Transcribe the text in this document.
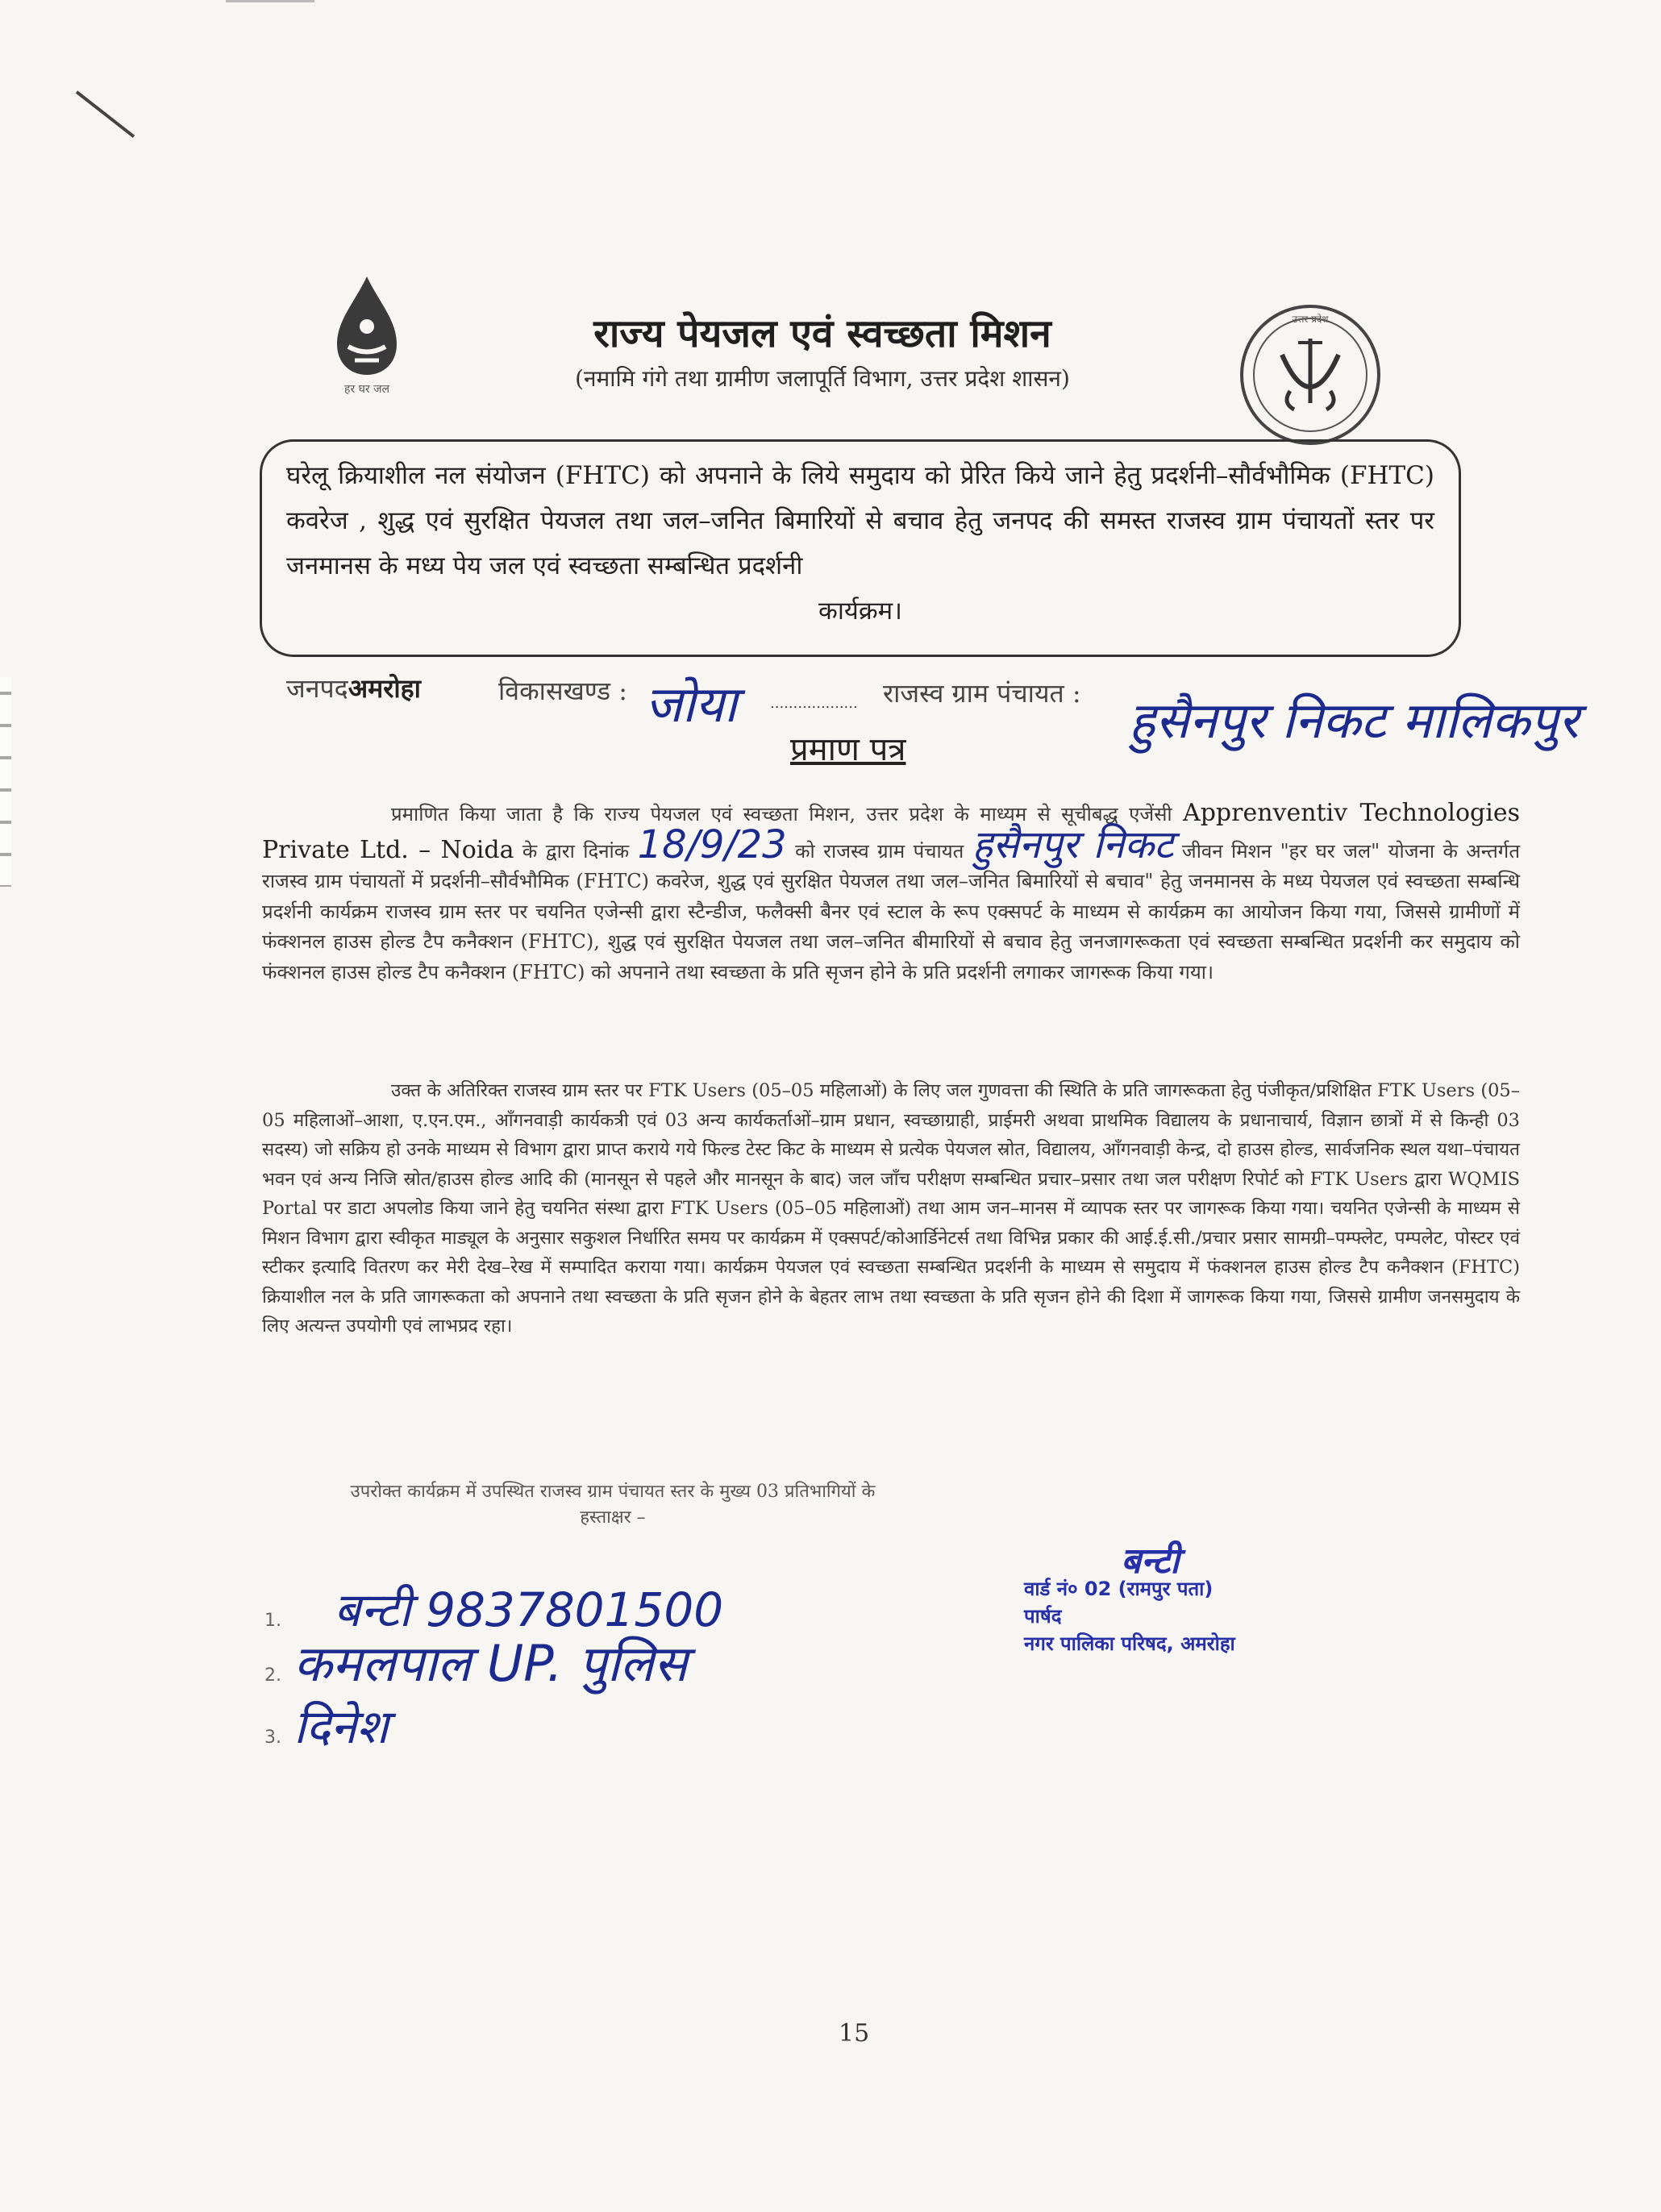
हर घर जल
राज्य पेयजल एवं स्वच्छता मिशन
(नमामि गंगे तथा ग्रामीण जलापूर्ति विभाग, उत्तर प्रदेश शासन)
उत्तर प्रदेश
घरेलू क्रियाशील नल संयोजन (FHTC) को अपनाने के लिये समुदाय को प्रेरित किये जाने हेतु प्रदर्शनी–सौर्वभौमिक (FHTC) कवरेज , शुद्ध एवं सुरक्षित पेयजल तथा जल–जनित बिमारियों से बचाव हेतु जनपद की समस्त राजस्व ग्राम पंचायतों स्तर पर जनमानस के मध्य पेय जल एवं स्वच्छता सम्बन्धित प्रदर्शनी
कार्यक्रम।
जनपदअमरोहा	विकासखण्ड : जोया ................... राजस्व ग्राम पंचायत : हुसैनपुर निकट मालिकपुर
प्रमाण पत्र

प्रमाणित किया जाता है कि राज्य पेयजल एवं स्वच्छता मिशन, उत्तर प्रदेश के माध्यम से सूचीबद्ध एजेंसी Apprenventiv Technologies Private Ltd. – Noida के द्वारा दिनांक 18/9/23 को राजस्व ग्राम पंचायत हुसैनपुर निकट जीवन मिशन "हर घर जल" योजना के अन्तर्गत राजस्व ग्राम पंचायतों में प्रदर्शनी–सौर्वभौमिक (FHTC) कवरेज, शुद्ध एवं सुरक्षित पेयजल तथा जल–जनित बिमारियों से बचाव" हेतु जनमानस के मध्य पेयजल एवं स्वच्छता सम्बन्धि प्रदर्शनी कार्यक्रम राजस्व ग्राम स्तर पर चयनित एजेन्सी द्वारा स्टैन्डीज, फलैक्सी बैनर एवं स्टाल के रूप एक्सपर्ट के माध्यम से कार्यक्रम का आयोजन किया गया, जिससे ग्रामीणों में फंक्शनल हाउस होल्ड टैप कनैक्शन (FHTC), शुद्ध एवं सुरक्षित पेयजल तथा जल–जनित बीमारियों से बचाव हेतु जनजागरूकता एवं स्वच्छता सम्बन्धित प्रदर्शनी कर समुदाय को फंक्शनल हाउस होल्ड टैप कनैक्शन (FHTC) को अपनाने तथा स्वच्छता के प्रति सृजन होने के प्रति प्रदर्शनी लगाकर जागरूक किया गया।

उक्त के अतिरिक्त राजस्व ग्राम स्तर पर FTK Users (05–05 महिलाओं) के लिए जल गुणवत्ता की स्थिति के प्रति जागरूकता हेतु पंजीकृत/प्रशिक्षित FTK Users (05–05 महिलाओं–आशा, ए.एन.एम., आँगनवाड़ी कार्यकत्री एवं 03 अन्य कार्यकर्ताओं–ग्राम प्रधान, स्वच्छाग्राही, प्राईमरी अथवा प्राथमिक विद्यालय के प्रधानाचार्य, विज्ञान छात्रों में से किन्ही 03 सदस्य) जो सक्रिय हो उनके माध्यम से विभाग द्वारा प्राप्त कराये गये फिल्ड टेस्ट किट के माध्यम से प्रत्येक पेयजल स्रोत, विद्यालय, आँगनवाड़ी केन्द्र, दो हाउस होल्ड, सार्वजनिक स्थल यथा–पंचायत भवन एवं अन्य निजि स्रोत/हाउस होल्ड आदि की (मानसून से पहले और मानसून के बाद) जल जाँच परीक्षण सम्बन्धित प्रचार–प्रसार तथा जल परीक्षण रिपोर्ट को FTK Users द्वारा WQMIS Portal पर डाटा अपलोड किया जाने हेतु चयनित संस्था द्वारा FTK Users (05–05 महिलाओं) तथा आम जन–मानस में व्यापक स्तर पर जागरूक किया गया। चयनित एजेन्सी के माध्यम से मिशन विभाग द्वारा स्वीकृत माड्यूल के अनुसार सकुशल निर्धारित समय पर कार्यक्रम में एक्सपर्ट/कोआर्डिनेटर्स तथा विभिन्न प्रकार की आई.ई.सी./प्रचार प्रसार सामग्री–पम्फ्लेट, पम्पलेट, पोस्टर एवं स्टीकर इत्यादि वितरण कर मेरी देख–रेख में सम्पादित कराया गया। कार्यक्रम पेयजल एवं स्वच्छता सम्बन्धित प्रदर्शनी के माध्यम से समुदाय में फंक्शनल हाउस होल्ड टैप कनैक्शन (FHTC) क्रियाशील नल के प्रति जागरूकता को अपनाने तथा स्वच्छता के प्रति सृजन होने के बेहतर लाभ तथा स्वच्छता के प्रति सृजन होने की दिशा में जागरूक किया गया, जिससे ग्रामीण जनसमुदाय के लिए अत्यन्त उपयोगी एवं लाभप्रद रहा।

उपरोक्त कार्यक्रम में उपस्थित राजस्व ग्राम पंचायत स्तर के मुख्य 03 प्रतिभागियों के
हस्ताक्षर –
1. बन्टी 9837801500
2. कमलपाल UP. पुलिस
3. दिनेश
बन्टी
वार्ड नं० 02 (रामपुर पता)
पार्षद
नगर पालिका परिषद, अमरोहा
15
